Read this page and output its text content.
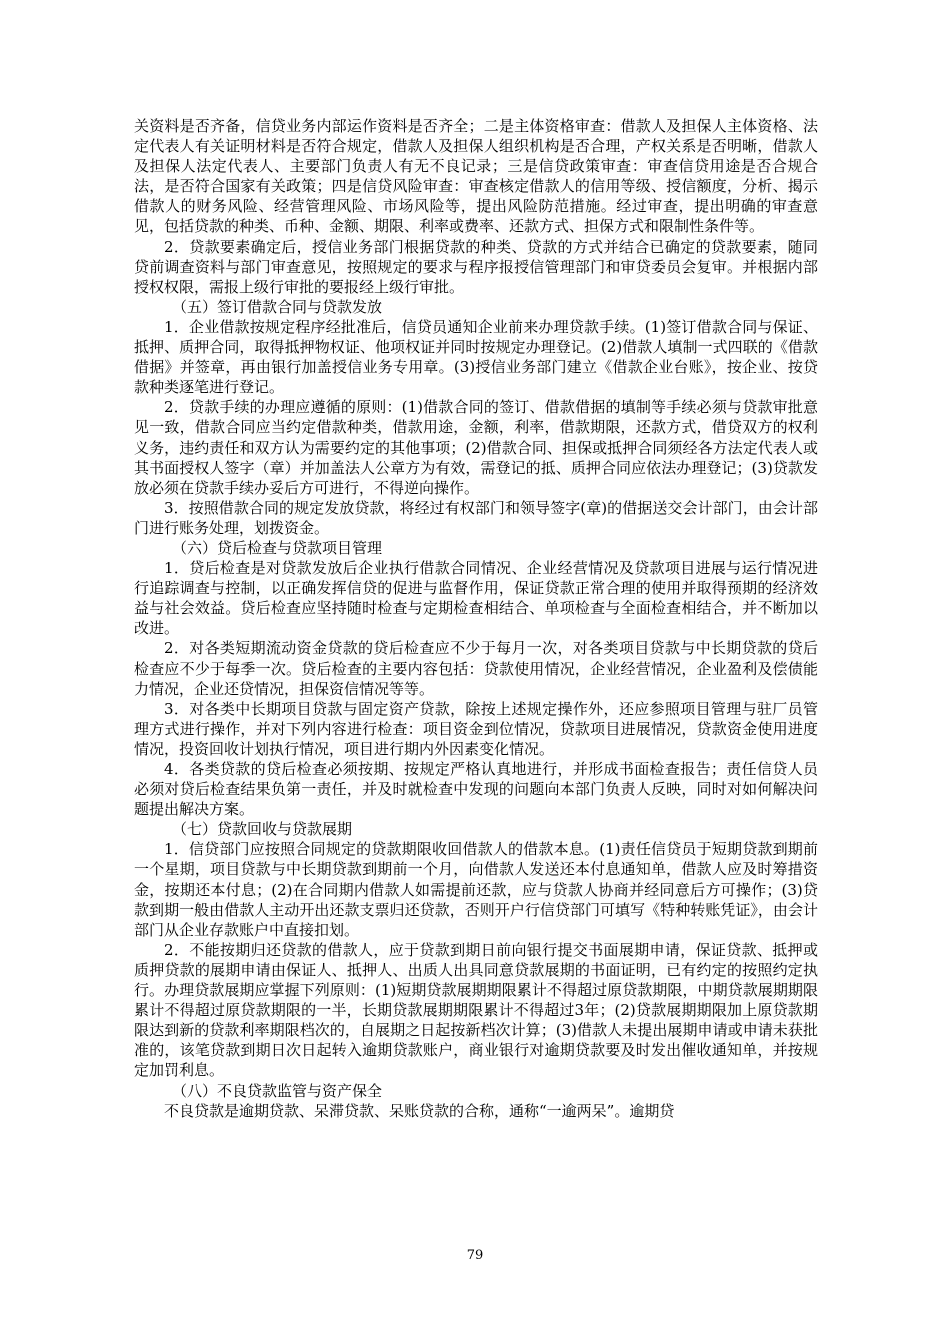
关资料是否齐备，信贷业务内部运作资料是否齐全；二是主体资格审查：借款人及担保人主体资格、法定代表人有关证明材料是否符合规定，借款人及担保人组织机构是否合理，产权关系是否明晰，借款人及担保人法定代表人、主要部门负责人有无不良记录；三是信贷政策审查：审查信贷用途是否合规合法，是否符合国家有关政策；四是信贷风险审查：审查核定借款人的信用等级、授信额度，分析、揭示借款人的财务风险、经营管理风险、市场风险等，提出风险防范措施。经过审查，提出明确的审查意见，包括贷款的种类、币种、金额、期限、利率或费率、还款方式、担保方式和限制性条件等。

2．贷款要素确定后，授信业务部门根据贷款的种类、贷款的方式并结合已确定的贷款要素，随同贷前调查资料与部门审查意见，按照规定的要求与程序报授信管理部门和审贷委员会复审。并根据内部授权权限，需报上级行审批的要报经上级行审批。

（五）签订借款合同与贷款发放

1．企业借款按规定程序经批准后，信贷员通知企业前来办理贷款手续。(1)签订借款合同与保证、抵押、质押合同，取得抵押物权证、他项权证并同时按规定办理登记。(2)借款人填制一式四联的《借款借据》并签章，再由银行加盖授信业务专用章。(3)授信业务部门建立《借款企业台账》，按企业、按贷款种类逐笔进行登记。

2．贷款手续的办理应遵循的原则：(1)借款合同的签订、借款借据的填制等手续必须与贷款审批意见一致，借款合同应当约定借款种类，借款用途，金额，利率，借款期限，还款方式，借贷双方的权利义务，违约责任和双方认为需要约定的其他事项；(2)借款合同、担保或抵押合同须经各方法定代表人或其书面授权人签字（章）并加盖法人公章方为有效，需登记的抵、质押合同应依法办理登记；(3)贷款发放必须在贷款手续办妥后方可进行，不得逆向操作。

3．按照借款合同的规定发放贷款，将经过有权部门和领导签字(章)的借据送交会计部门，由会计部门进行账务处理，划拨资金。

（六）贷后检查与贷款项目管理

1．贷后检查是对贷款发放后企业执行借款合同情况、企业经营情况及贷款项目进展与运行情况进行追踪调查与控制，以正确发挥信贷的促进与监督作用，保证贷款正常合理的使用并取得预期的经济效益与社会效益。贷后检查应坚持随时检查与定期检查相结合、单项检查与全面检查相结合，并不断加以改进。

2．对各类短期流动资金贷款的贷后检查应不少于每月一次，对各类项目贷款与中长期贷款的贷后检查应不少于每季一次。贷后检查的主要内容包括：贷款使用情况，企业经营情况，企业盈利及偿债能力情况，企业还贷情况，担保资信情况等等。

3．对各类中长期项目贷款与固定资产贷款，除按上述规定操作外，还应参照项目管理与驻厂员管理方式进行操作，并对下列内容进行检查：项目资金到位情况，贷款项目进展情况，贷款资金使用进度情况，投资回收计划执行情况，项目进行期内外因素变化情况。

4．各类贷款的贷后检查必须按期、按规定严格认真地进行，并形成书面检查报告；责任信贷人员必须对贷后检查结果负第一责任，并及时就检查中发现的问题向本部门负责人反映，同时对如何解决问题提出解决方案。

（七）贷款回收与贷款展期

1．信贷部门应按照合同规定的贷款期限收回借款人的借款本息。(1)责任信贷员于短期贷款到期前一个星期，项目贷款与中长期贷款到期前一个月，向借款人发送还本付息通知单，借款人应及时筹措资金，按期还本付息；(2)在合同期内借款人如需提前还款，应与贷款人协商并经同意后方可操作；(3)贷款到期一般由借款人主动开出还款支票归还贷款，否则开户行信贷部门可填写《特种转账凭证》，由会计部门从企业存款账户中直接扣划。

2．不能按期归还贷款的借款人，应于贷款到期日前向银行提交书面展期申请，保证贷款、抵押或质押贷款的展期申请由保证人、抵押人、出质人出具同意贷款展期的书面证明，已有约定的按照约定执行。办理贷款展期应掌握下列原则：(1)短期贷款展期期限累计不得超过原贷款期限，中期贷款展期期限累计不得超过原贷款期限的一半，长期贷款展期期限累计不得超过3年；(2)贷款展期期限加上原贷款期限达到新的贷款利率期限档次的，自展期之日起按新档次计算；(3)借款人未提出展期申请或申请未获批准的，该笔贷款到期日次日起转入逾期贷款账户，商业银行对逾期贷款要及时发出催收通知单，并按规定加罚利息。

（八）不良贷款监管与资产保全

不良贷款是逾期贷款、呆滞贷款、呆账贷款的合称，通称“一逾两呆”。逾期贷

79
